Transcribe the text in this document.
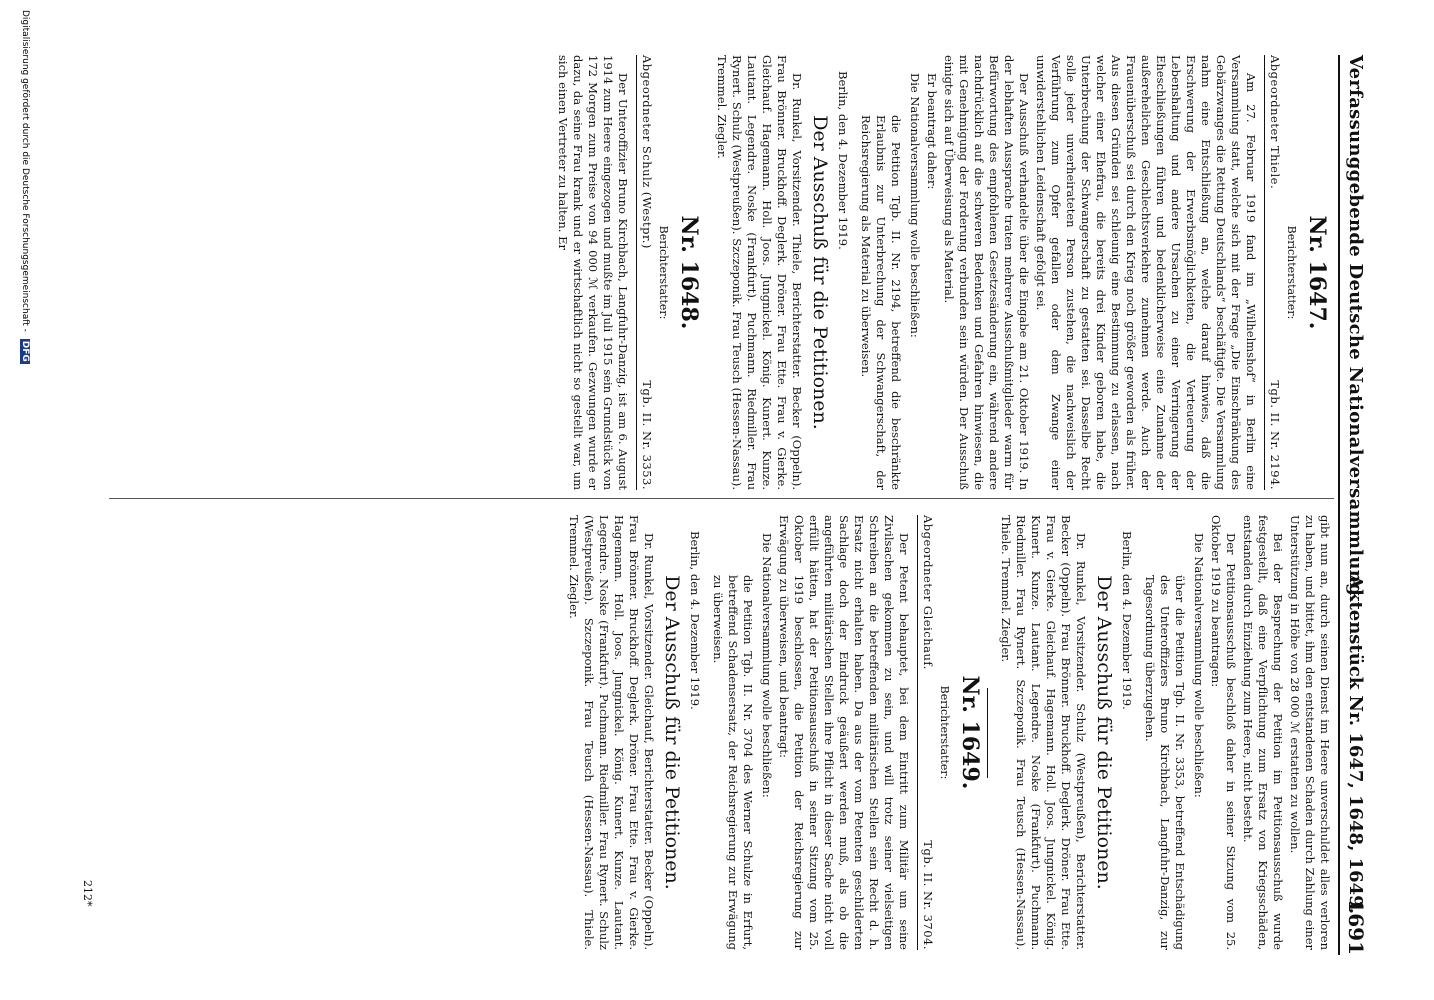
Verfassunggebende Deutsche Nationalversammlung.
Aktenstück Nr. 1647, 1648, 1649.
1691
Nr. 1647.
Berichterstatter:
Abgeordneter Thiele.
Tgb. II. Nr. 2194.

Am 27. Februar 1919 fand im „Wilhelmshof“ in Berlin eine Versammlung statt, welche sich mit der Frage „Die Einschränkung des Gebärzwanges die Rettung Deutschlands“ beschäftigte. Die Versammlung nahm eine Entschließung an, welche darauf hinwies, daß die Erschwerung der Erwerbsmöglichkeiten, die Verteuerung der Lebenshaltung und andere Ursachen zu einer Verringerung der Eheschließungen führen und bedenklicherweise eine Zunahme der außerehelichen Geschlechtsverkehre zunehmen werde. Auch der Frauenüberschuß sei durch den Krieg noch größer geworden als früher. Aus diesen Gründen sei schleunig eine Bestimmung zu erlassen, nach welcher einer Ehefrau, die bereits drei Kinder geboren habe, die Unterbrechung der Schwangerschaft zu gestatten sei. Dasselbe Recht solle jeder unverheirateten Person zustehen, die nachweislich der Verführung zum Opfer gefallen oder dem Zwange einer unwiderstehlichen Leidenschaft gefolgt sei.

Der Ausschuß verhandelte über die Eingabe am 21. Oktober 1919. In der lebhaften Aussprache traten mehrere Ausschußmitglieder warm für Befürwortung des empfohlenen Gesetzesänderung ein, während andere nachdrücklich auf die schweren Bedenken und Gefahren hinwiesen, die mit Genehmigung der Forderung verbunden sein würden. Der Ausschuß einigte sich auf Überweisung als Material.

Er beantragt daher:

Die Nationalversammlung wolle beschließen:

die Petition Tgb. II. Nr. 2194, betreffend die beschränkte Erlaubnis zur Unterbrechung der Schwangerschaft, der Reichsregierung als Material zu überweisen.
Berlin, den 4. Dezember 1919.
Der Ausschuß für die Petitionen.
Dr. Runkel, Vorsitzender. Thiele, Berichterstatter. Becker (Oppeln). Frau Brönner. Bruckhoff. Deglerk. Dröner. Frau Ette. Frau v. Gierke. Gleichauf. Hagemann. Holl. Joos. Jungnickel. König. Kunert. Kunze. Lautant. Legendre. Noske (Frankfurt). Puchmann. Riedmiller. Frau Rynert. Schulz (Westpreußen). Szczeponik. Frau Teusch (Hessen-Nassau). Tremmel. Ziegler.
Nr. 1648.
Berichterstatter:
Abgeordneter Schulz (Westpr.)
Tgb. II. Nr. 3353.

Der Unteroffizier Bruno Kirchbach, Langfuhr-Danzig, ist am 6. August 1914 zum Heere eingezogen und mußte im Juli 1915 sein Grundstück von 172 Morgen zum Preise von 94 000 ℳ verkaufen. Gezwungen wurde er dazu, da seine Frau krank und er wirtschaftlich nicht so gestellt war, um sich einen Vertreter zu halten. Er

gibt nun an, durch seinen Dienst im Heere unverschuldet alles verloren zu haben, und bittet, ihm den entstandenen Schaden durch Zahlung einer Unterstützung in Höhe von 28 000 ℳ erstatten zu wollen.

Bei der Besprechung der Petition im Petitionsausschuß wurde festgestellt, daß eine Verpflichtung zum Ersatz von Kriegsschäden, entstanden durch Einziehung zum Heere, nicht besteht.

Der Petitionsausschuß beschloß daher in seiner Sitzung vom 25. Oktober 1919 zu beantragen:

Die Nationalversammlung wolle beschließen:

über die Petition Tgb. II. Nr. 3353, betreffend Entschädigung des Unteroffiziers Bruno Kirchbach, Langfuhr-Danzig, zur Tagesordnung überzugehen.
Berlin, den 4. Dezember 1919.
Der Ausschuß für die Petitionen.
Dr. Runkel, Vorsitzender. Schulz (Westpreußen), Berichterstatter. Becker (Oppeln). Frau Brönner. Bruckhoff. Deglerk. Dröner. Frau Ette. Frau v. Gierke. Gleichauf. Hagemann. Holl. Joos. Jungnickel. König. Kunert. Kunze. Lautant. Legendre. Noske (Frankfurt). Puchmann. Riedmiller. Frau Rynert. Szczeponik. Frau Teusch (Hessen-Nassau). Thiele. Tremmel. Ziegler.
Nr. 1649.
Berichterstatter:
Abgeordneter Gleichauf.
Tgb. II. Nr. 3704.

Der Petent behauptet, bei dem Eintritt zum Militär um seine Zivilsachen gekommen zu sein, und will trotz seiner vielseitigen Schreiben an die betreffenden militärischen Stellen sein Recht d. h. Ersatz nicht erhalten haben. Da aus der vom Petenten geschilderten Sachlage doch der Eindruck geäußert werden muß, als ob die angeführten militärischen Stellen ihre Pflicht in dieser Sache nicht voll erfüllt hätten, hat der Petitionsausschuß in seiner Sitzung vom 25. Oktober 1919 beschlossen, die Petition der Reichsregierung zur Erwägung zu überweisen, und beantragt:

Die Nationalversammlung wolle beschließen:

die Petition Tgb. II. Nr. 3704 des Werner Schulze in Erfurt, betreffend Schadensersatz, der Reichsregierung zur Erwägung zu überweisen.
Berlin, den 4. Dezember 1919.
Der Ausschuß für die Petitionen.
Dr. Runkel, Vorsitzender. Gleichauf, Berichterstatter. Becker (Oppeln). Frau Brönner. Bruckhoff. Deglerk. Dröner. Frau Ette. Frau v. Gierke. Hagemann. Holl. Joos. Jungnickel. König. Kunert. Kunze. Lautant. Legendre. Noske (Frankfurt). Puchmann. Riedmiller. Frau Rynert. Schulz (Westpreußen). Szczeponik. Frau Teusch (Hessen-Nassau). Thiele. Tremmel. Ziegler.
212*
Digitalisierung gefördert durch die Deutsche Forschungsgemeinschaft - DFG
